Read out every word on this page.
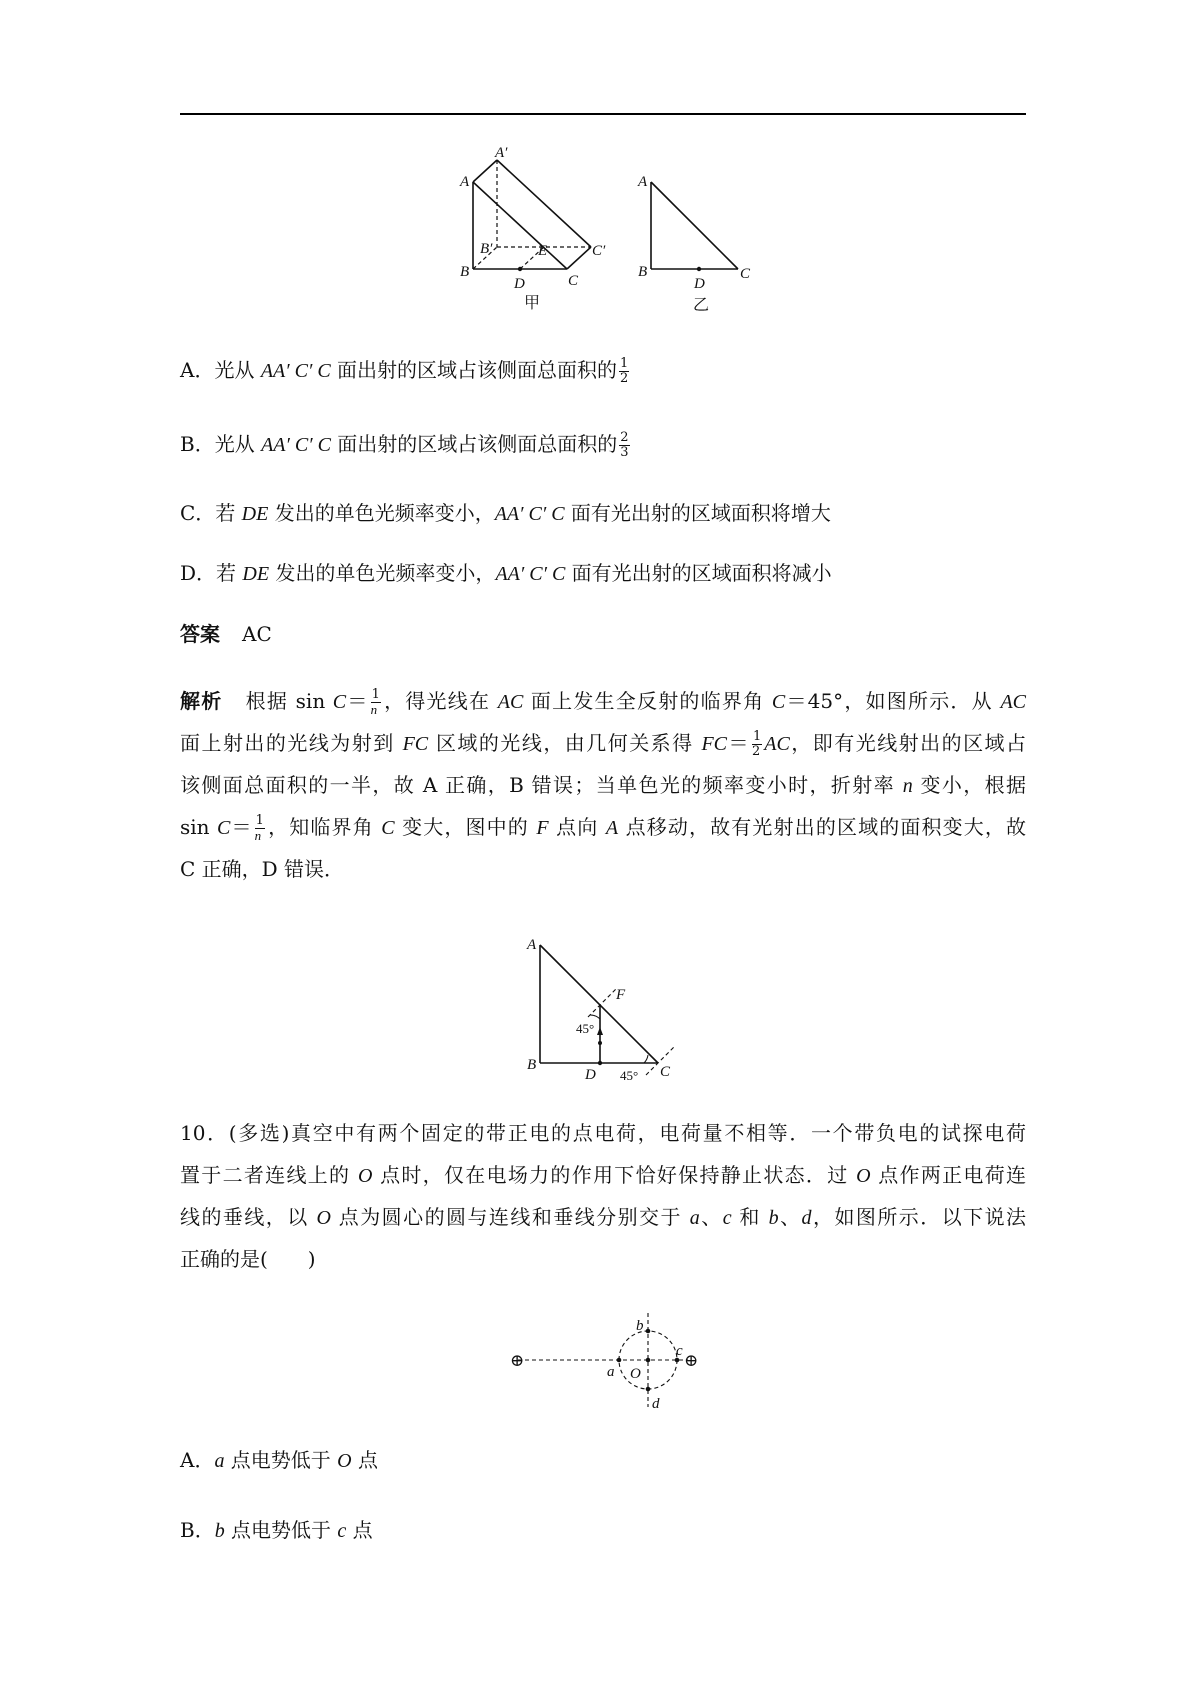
A
A′
B
B′
C
C′
D
E
甲
A
B	C
D
乙
A．光从 AA′ C′ C 面出射的区域占该侧面总面积的 $\frac{1}{2}$
B．光从 AA′ C′ C 面出射的区域占该侧面总面积的 $\frac{2}{3}$
C．若 DE 发出的单色光频率变小，AA′ C′ C 面有光出射的区域面积将增大
D．若 DE 发出的单色光频率变小，AA′ C′ C 面有光出射的区域面积将减小
答案 AC
解析 根据 $\sin C= \frac{1}{n}$ ，得光线在 AC 面上发生全反射的临界角 C＝45°，如图所示．从 AC
面上射出的光线为射到 FC 区域的光线，由几何关系得 $FC= \frac{1}{2}$ AC，即有光线射出的区域占
该侧面总面积的一半，故 A 正确，B 错误；当单色光的频率变小时，折射率 n 变小，根据
$\sin C= \frac{1}{n}$ ，知临界角 C 变大，图中的 F 点向 A 点移动，故有光射出的区域的面积变大，故
C 正确，D 错误．
A
B	C
D
F
45°
45°
10．(多选)真空中有两个固定的带正电的点电荷，电荷量不相等．一个带负电的试探电荷
置于二者连线上的 O 点时，仅在电场力的作用下恰好保持静止状态．过 O 点作两正电荷连
线的垂线，以 O 点为圆心的圆与连线和垂线分别交于 a、c 和 b、d，如图所示．以下说法
正确的是(　　)
⊕	⊕
a
b
c
d
O
A．a 点电势低于 O 点
B．b 点电势低于 c 点
